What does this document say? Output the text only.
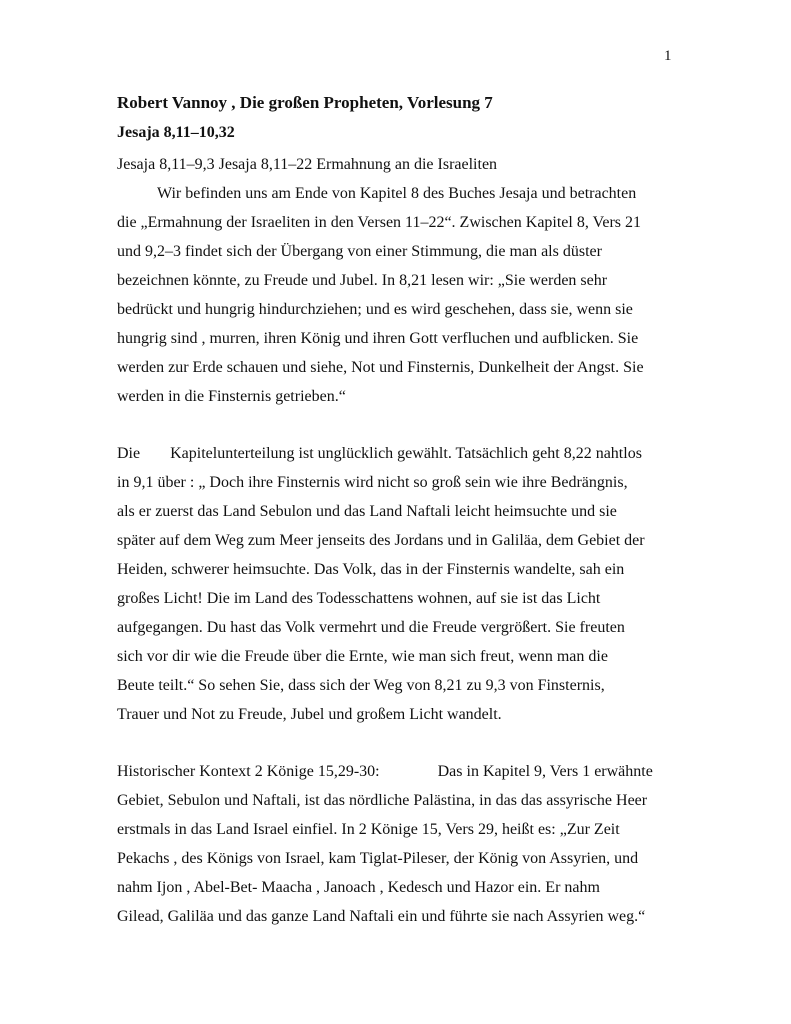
1
Robert Vannoy , Die großen Propheten, Vorlesung 7
Jesaja 8,11–10,32
Jesaja 8,11–9,3 Jesaja 8,11–22 Ermahnung an die Israeliten
Wir befinden uns am Ende von Kapitel 8 des Buches Jesaja und betrachten
die „Ermahnung der Israeliten in den Versen 11–22“. Zwischen Kapitel 8, Vers 21
und 9,2–3 findet sich der Übergang von einer Stimmung, die man als düster
bezeichnen könnte, zu Freude und Jubel. In 8,21 lesen wir: „Sie werden sehr
bedrückt und hungrig hindurchziehen; und es wird geschehen, dass sie, wenn sie
hungrig sind , murren, ihren König und ihren Gott verfluchen und aufblicken. Sie
werden zur Erde schauen und siehe, Not und Finsternis, Dunkelheit der Angst. Sie
werden in die Finsternis getrieben.“
Die Kapitelunterteilung ist unglücklich gewählt. Tatsächlich geht 8,22 nahtlos
in 9,1 über : „ Doch ihre Finsternis wird nicht so groß sein wie ihre Bedrängnis,
als er zuerst das Land Sebulon und das Land Naftali leicht heimsuchte und sie
später auf dem Weg zum Meer jenseits des Jordans und in Galiläa, dem Gebiet der
Heiden, schwerer heimsuchte. Das Volk, das in der Finsternis wandelte, sah ein
großes Licht! Die im Land des Todesschattens wohnen, auf sie ist das Licht
aufgegangen. Du hast das Volk vermehrt und die Freude vergrößert. Sie freuten
sich vor dir wie die Freude über die Ernte, wie man sich freut, wenn man die
Beute teilt.“ So sehen Sie, dass sich der Weg von 8,21 zu 9,3 von Finsternis,
Trauer und Not zu Freude, Jubel und großem Licht wandelt.
Historischer Kontext 2 Könige 15,29-30:	Das in Kapitel 9, Vers 1 erwähnte
Gebiet, Sebulon und Naftali, ist das nördliche Palästina, in das das assyrische Heer
erstmals in das Land Israel einfiel. In 2 Könige 15, Vers 29, heißt es: „Zur Zeit
Pekachs , des Königs von Israel, kam Tiglat-Pileser, der König von Assyrien, und
nahm Ijon , Abel-Bet- Maacha , Janoach , Kedesch und Hazor ein. Er nahm
Gilead, Galiläa und das ganze Land Naftali ein und führte sie nach Assyrien weg.“
